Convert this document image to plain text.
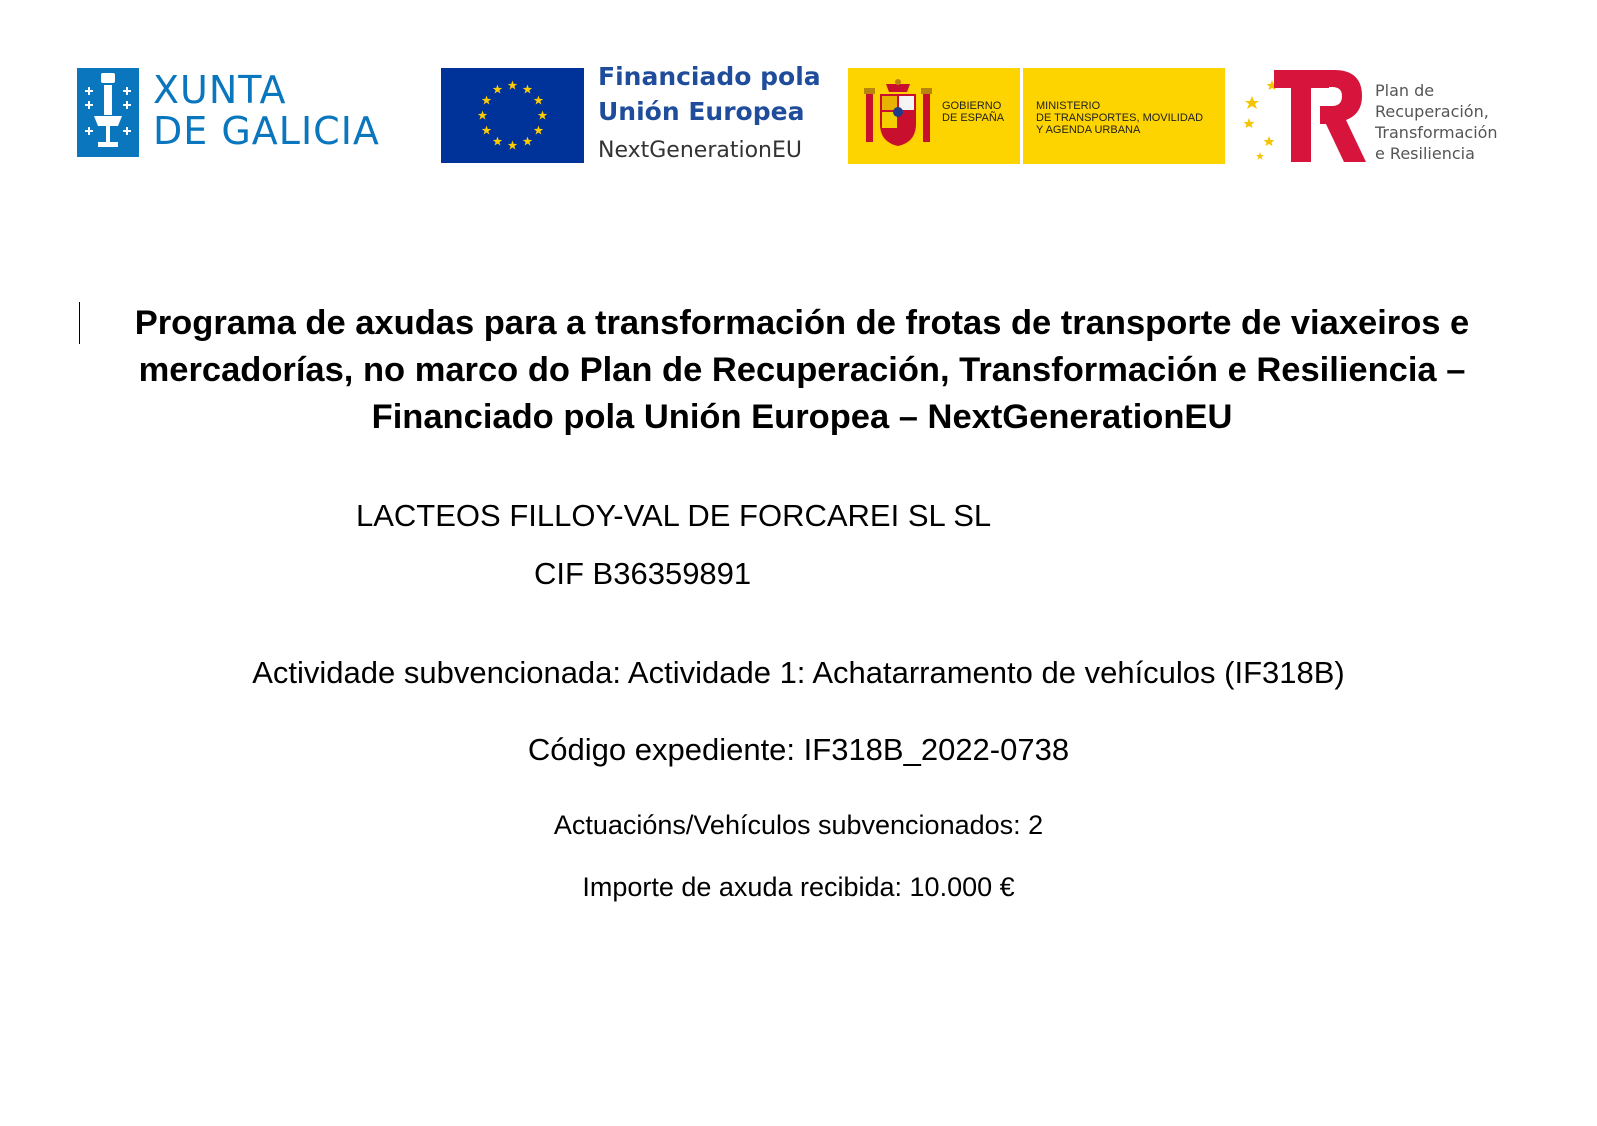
XUNTA
DE GALICIA
Financiado pola
Unión Europea
NextGenerationEU
GOBIERNO
DE ESPAÑA
MINISTERIO
DE TRANSPORTES, MOVILIDAD
Y AGENDA URBANA
Plan de
Recuperación,
Transformación
e Resiliencia
Programa de axudas para a transformación de frotas de transporte de viaxeiros e mercadorías, no marco do Plan de Recuperación, Transformación e Resiliencia – Financiado pola Unión Europea – NextGenerationEU
LACTEOS FILLOY-VAL DE FORCAREI SL SL
CIF B36359891
Actividade subvencionada: Actividade 1: Achatarramento de vehículos (IF318B)
Código expediente: IF318B_2022-0738
Actuacións/Vehículos subvencionados: 2
Importe de axuda recibida: 10.000 €
